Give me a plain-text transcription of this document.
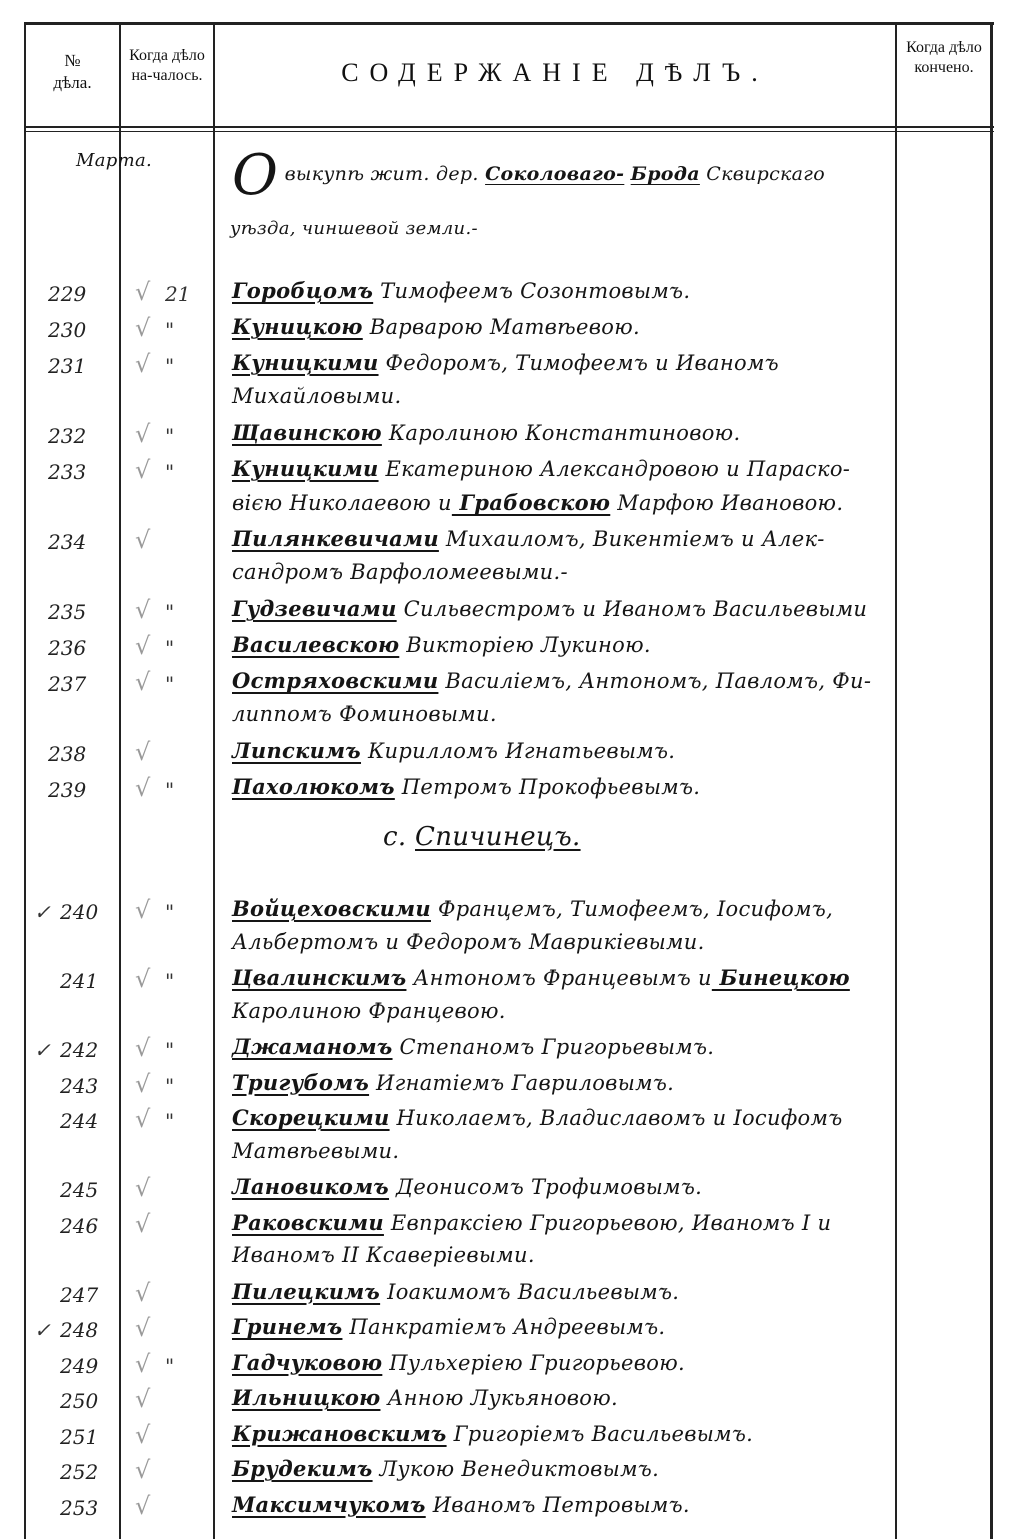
№
дѣла.
Когда дѣло на-чалось.	СОДЕРЖАНІЕ ДѢЛЪ.
Когда дѣло кончено.
Марта. О выкупѣ жит. дер. Соколоваго- Брода Сквирскаго
уѣзда, чиншевой земли.-
229 √ 21 Горобцомъ Тимофеемъ Созонтовымъ.
230 √ "	Куницкою Варварою Матвѣевою.
231 √ "	Куницкими Федоромъ, Тимофеемъ и Иваномъ
Михайловыми.
232 √ "	Щавинскою Каролиною Константиновою.
233 √ "	Куницкими Екатериною Александровою и Параско-
вією Николаевою и Грабовскою Марфою Ивановою.
234 √	Пилянкевичами Михаиломъ, Викентіемъ и Алек-
сандромъ Варфоломеевыми.-
235 √ "	Гудзевичами Сильвестромъ и Иваномъ Васильевыми
236 √ "	Василевскою Викторіею Лукиною.
237 √ "	Остряховскими Василіемъ, Антономъ, Павломъ, Фи-
липпомъ Фоминовыми.
238 √	Липскимъ Кирилломъ Игнатьевымъ.
239 √ "	Пахолюкомъ Петромъ Прокофьевымъ.
с. Спичинецъ.
✓ 240 √ "	Войцеховскими Францемъ, Тимофеемъ, Іосифомъ,
Альбертомъ и Федоромъ Маврикіевыми.
241 √ "	Цвалинскимъ Антономъ Францевымъ и Бинецкою
Каролиною Францевою.
✓ 242 √ "	Джаманомъ Степаномъ Григорьевымъ.
243 √ "	Тригубомъ Игнатіемъ Гавриловымъ.
244 √ "	Скорецкими Николаемъ, Владиславомъ и Іосифомъ
Матвѣевыми.
245 √	Лановикомъ Деонисомъ Трофимовымъ.
246 √	Раковскими Евпраксіею Григорьевою, Иваномъ I и
Иваномъ II Ксаверіевыми.
247 √	Пилецкимъ Іоакимомъ Васильевымъ.
✓ 248 √	Гринемъ Панкратіемъ Андреевымъ.
249 √ "	Гадчуковою Пульхеріею Григорьевою.
250 √	Ильницкою Анною Лукьяновою.
251 √	Крижановскимъ Григоріемъ Васильевымъ.
252 √	Брудекимъ Лукою Венедиктовымъ.
253 √	Максимчукомъ Иваномъ Петровымъ.
